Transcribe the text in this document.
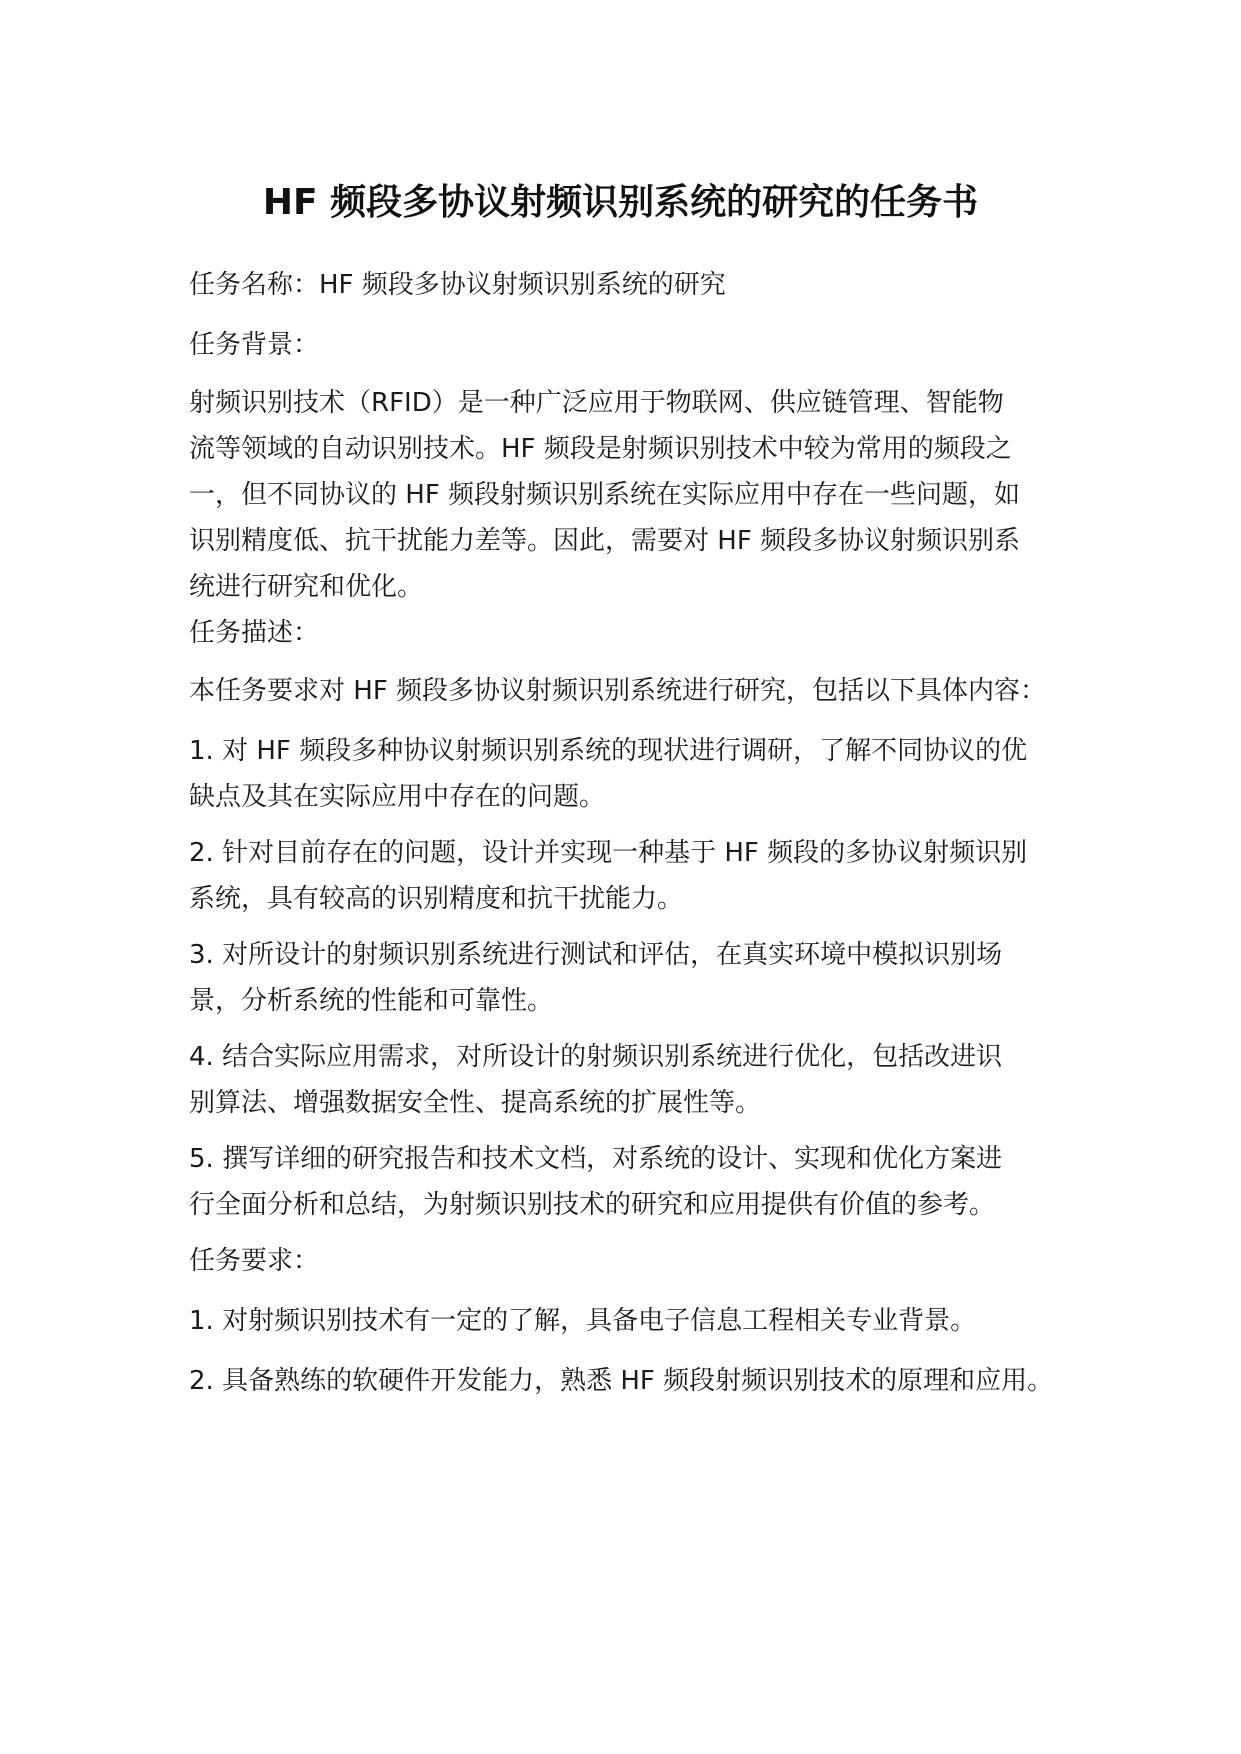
HF 频段多协议射频识别系统的研究的任务书

任务名称：HF 频段多协议射频识别系统的研究

任务背景：

射频识别技术（RFID）是一种广泛应用于物联网、供应链管理、智能物
流等领域的自动识别技术。HF 频段是射频识别技术中较为常用的频段之
一，但不同协议的 HF 频段射频识别系统在实际应用中存在一些问题，如
识别精度低、抗干扰能力差等。因此，需要对 HF 频段多协议射频识别系
统进行研究和优化。

任务描述：

本任务要求对 HF 频段多协议射频识别系统进行研究，包括以下具体内容：

1. 对 HF 频段多种协议射频识别系统的现状进行调研，了解不同协议的优
缺点及其在实际应用中存在的问题。

2. 针对目前存在的问题，设计并实现一种基于 HF 频段的多协议射频识别
系统，具有较高的识别精度和抗干扰能力。

3. 对所设计的射频识别系统进行测试和评估，在真实环境中模拟识别场
景，分析系统的性能和可靠性。

4. 结合实际应用需求，对所设计的射频识别系统进行优化，包括改进识
别算法、增强数据安全性、提高系统的扩展性等。

5. 撰写详细的研究报告和技术文档，对系统的设计、实现和优化方案进
行全面分析和总结，为射频识别技术的研究和应用提供有价值的参考。

任务要求：

1. 对射频识别技术有一定的了解，具备电子信息工程相关专业背景。

2. 具备熟练的软硬件开发能力，熟悉 HF 频段射频识别技术的原理和应用。
